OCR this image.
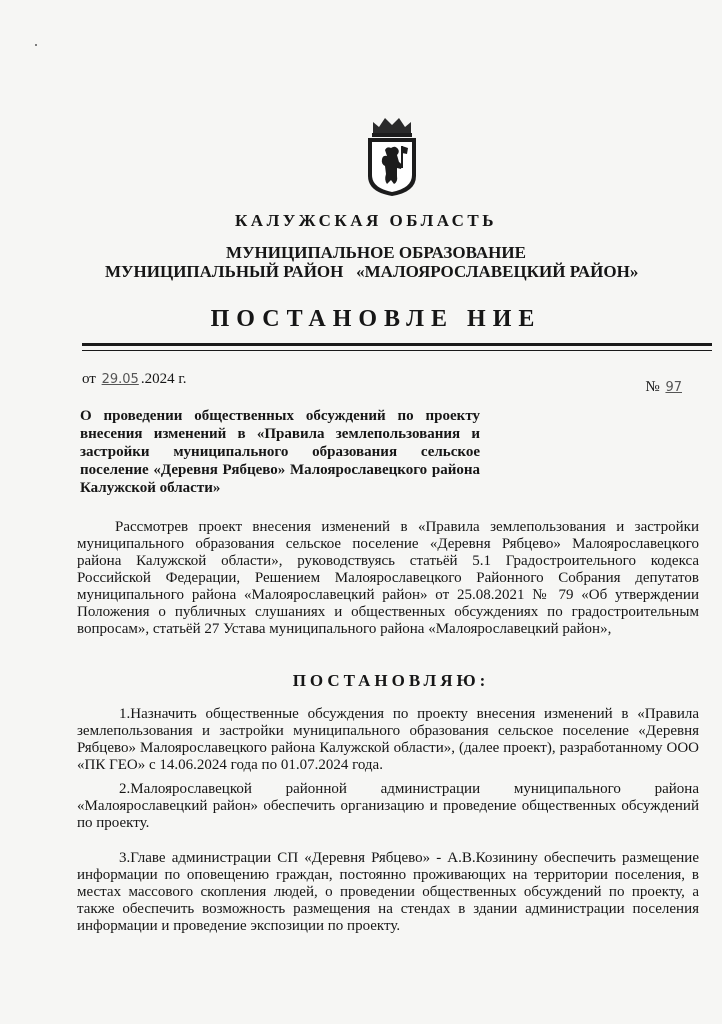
КАЛУЖСКАЯ ОБЛАСТЬ
МУНИЦИПАЛЬНОЕ ОБРАЗОВАНИЕ
МУНИЦИПАЛЬНЫЙ РАЙОН   «МАЛОЯРОСЛАВЕЦКИЙ РАЙОН»
ПОСТАНОВЛЕ НИЕ
от 29.05 .2024 г.	№ 97
О проведении общественных обсуждений по проекту внесения изменений в «Правила землепользования и застройки муниципального образования сельское поселение «Деревня Рябцево» Малоярославецкого района Калужской области»
Рассмотрев проект внесения изменений в «Правила землепользования и застройки муниципального образования сельское поселение «Деревня Рябцево» Малоярославецкого района Калужской области», руководствуясь статьёй 5.1 Градостроительного кодекса Российской Федерации, Решением Малоярославецкого Районного Собрания депутатов муниципального района «Малоярославецкий район» от 25.08.2021 № 79 «Об утверждении Положения о публичных слушаниях и общественных обсуждениях по градостроительным вопросам», статьёй 27 Устава муниципального района «Малоярославецкий район»,
ПОСТАНОВЛЯЮ:
1.Назначить общественные обсуждения по проекту внесения изменений в «Правила землепользования и застройки муниципального образования сельское поселение «Деревня Рябцево» Малоярославецкого района Калужской области», (далее проект), разработанному ООО «ПК ГЕО» с 14.06.2024 года по 01.07.2024 года.
2.Малоярославецкой районной администрации муниципального района «Малоярославецкий район» обеспечить организацию и проведение общественных обсуждений по проекту.
3.Главе администрации СП «Деревня Рябцево» - А.В.Козинину обеспечить размещение информации по оповещению граждан, постоянно проживающих на территории поселения, в местах массового скопления людей, о проведении общественных обсуждений по проекту, а также обеспечить возможность размещения на стендах в здании администрации поселения информации и проведение экспозиции по проекту.
